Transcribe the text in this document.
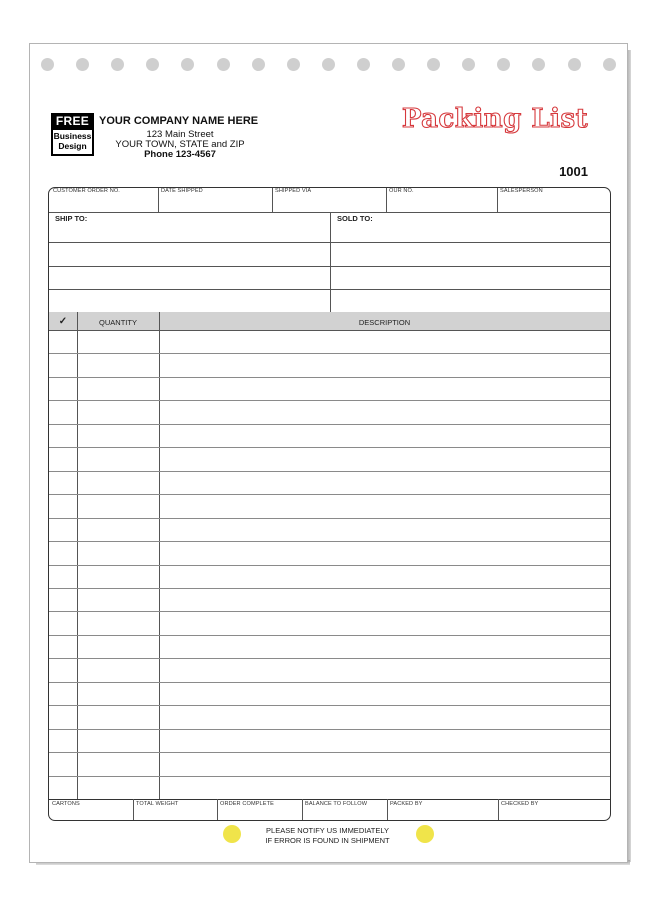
FREE
Business
Design
YOUR COMPANY NAME HERE
123 Main Street
YOUR TOWN, STATE and ZIP
Phone 123-4567
Packing List
1001
CUSTOMER ORDER NO.	DATE SHIPPED	SHIPPED VIA	OUR NO.	SALESPERSON
SHIP TO:	SOLD TO:
✓	QUANTITY	DESCRIPTION
CARTONS	TOTAL WEIGHT	ORDER COMPLETE	BALANCE TO FOLLOW	PACKED BY	CHECKED BY
PLEASE NOTIFY US IMMEDIATELY
IF ERROR IS FOUND IN SHIPMENT
